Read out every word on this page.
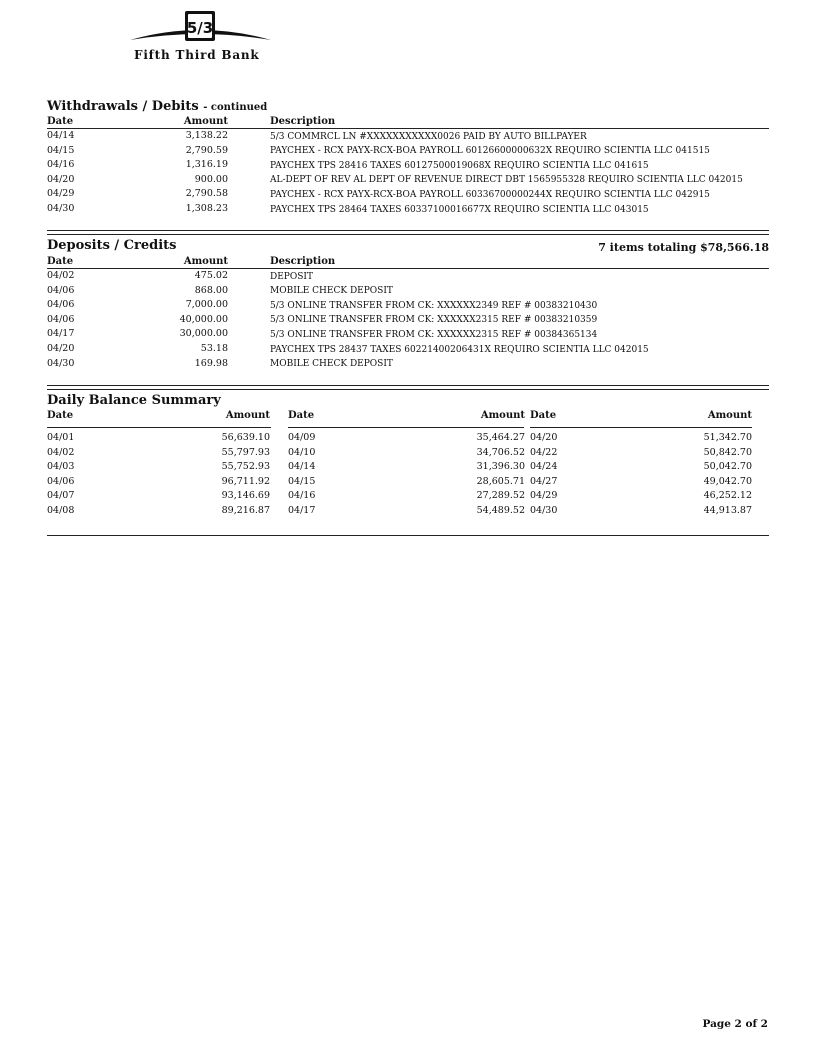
5/3
Fifth Third Bank
Withdrawals / Debits - continued
Date	Amount	Description
04/14	3,138.22	5/3 COMMRCL LN #XXXXXXXXXXX0026 PAID BY AUTO BILLPAYER
04/15	2,790.59	PAYCHEX - RCX PAYX-RCX-BOA PAYROLL 60126600000632X REQUIRO SCIENTIA LLC 041515
04/16	1,316.19	PAYCHEX TPS 28416 TAXES 60127500019068X REQUIRO SCIENTIA LLC 041615
04/20	900.00	AL-DEPT OF REV AL DEPT OF REVENUE DIRECT DBT 1565955328 REQUIRO SCIENTIA LLC 042015
04/29	2,790.58	PAYCHEX - RCX PAYX-RCX-BOA PAYROLL 60336700000244X REQUIRO SCIENTIA LLC 042915
04/30	1,308.23	PAYCHEX TPS 28464 TAXES 60337100016677X REQUIRO SCIENTIA LLC 043015
Deposits / Credits	7 items totaling $78,566.18
Date	Amount	Description
04/02	475.02	DEPOSIT
04/06	868.00	MOBILE CHECK DEPOSIT
04/06	7,000.00	5/3 ONLINE TRANSFER FROM CK: XXXXXX2349 REF # 00383210430
04/06	40,000.00	5/3 ONLINE TRANSFER FROM CK: XXXXXX2315 REF # 00383210359
04/17	30,000.00	5/3 ONLINE TRANSFER FROM CK: XXXXXX2315 REF # 00384365134
04/20	53.18	PAYCHEX TPS 28437 TAXES 60221400206431X REQUIRO SCIENTIA LLC 042015
04/30	169.98	MOBILE CHECK DEPOSIT
Daily Balance Summary
Date	Amount
04/01	56,639.10
04/02	55,797.93
04/03	55,752.93
04/06	96,711.92
04/07	93,146.69
04/08	89,216.87
Date	Amount
04/09	35,464.27
04/10	34,706.52
04/14	31,396.30
04/15	28,605.71
04/16	27,289.52
04/17	54,489.52
Date	Amount
04/20	51,342.70
04/22	50,842.70
04/24	50,042.70
04/27	49,042.70
04/29	46,252.12
04/30	44,913.87
Page 2 of 2
